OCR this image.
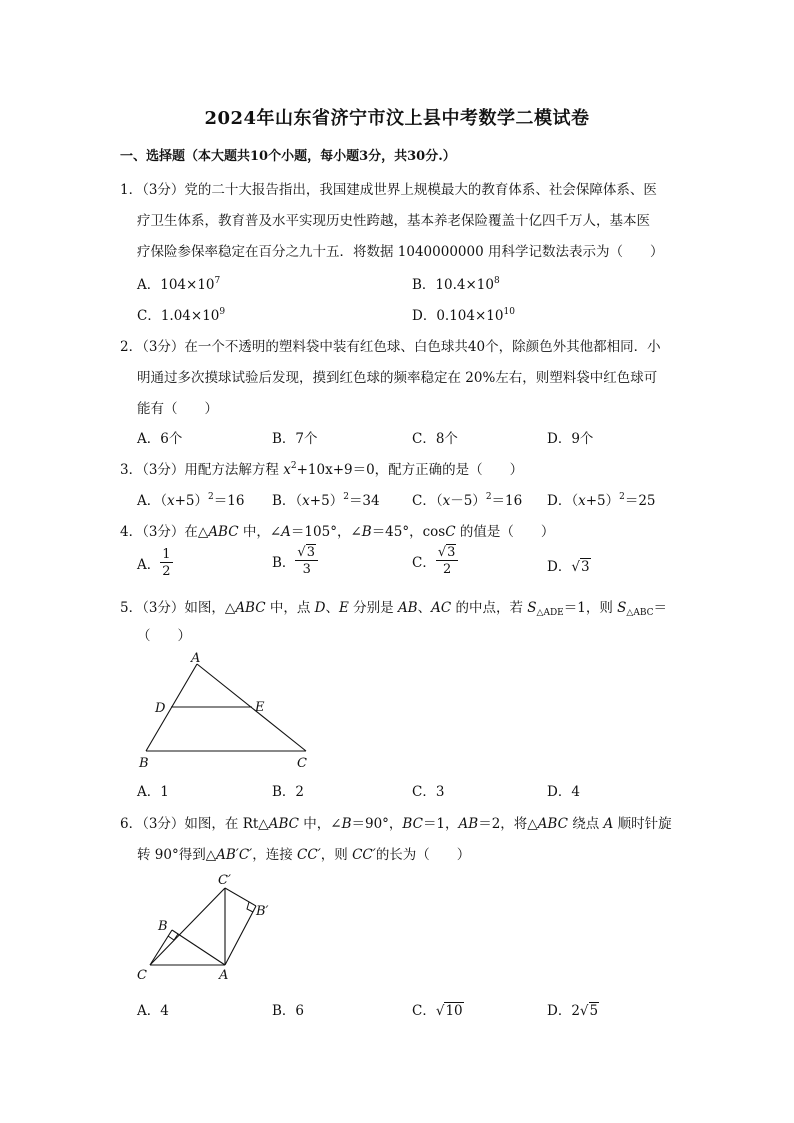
2024年山东省济宁市汶上县中考数学二模试卷
一、选择题（本大题共10个小题，每小题3分，共30分.）
1．（3分）党的二十大报告指出，我国建成世界上规模最大的教育体系、社会保障体系、医
疗卫生体系，教育普及水平实现历史性跨越，基本养老保险覆盖十亿四千万人，基本医
疗保险参保率稳定在百分之九十五．将数据 1040000000 用科学记数法表示为（　　）
A．$104\times 10^7$	B．$10.4\times 10^8$
C．$1.04\times 10^9$	D．$0.104\times 10^{10}$
2．（3分）在一个不透明的塑料袋中装有红色球、白色球共40个，除颜色外其他都相同．小
明通过多次摸球试验后发现，摸到红色球的频率稳定在 20%左右，则塑料袋中红色球可
能有（　　）
A．6个	B．7个	C．8个	D．9个
3．（3分）用配方法解方程 $x^2+10x+9=0$，配方正确的是（　　）
A．$(x+5)^2=16$ B．$(x+5)^2=34$ C．$(x-5)^2=16$ D．$(x+5)^2=25$
4．（3分）在△ABC 中，∠A＝105°，∠B＝45°，cosC 的值是（　　）
A． $\frac{1}{2}$	B． $\frac{√3}{3}$	C． $\frac{√3}{2}$	D．√3
5．（3分）如图，△ABC 中，点 D、E 分别是 AB、AC 的中点，若 $S_{\triangle ADE}=1$，则 $S_{\triangle ABC}=$
（　　）
A
D	E
B	C
A．1	B．2	C．3	D．4
6．（3分）如图，在 Rt△ABC 中，∠B＝90°，BC＝1，AB＝2，将△ABC 绕点 A 顺时针旋
转 90°得到△AB′C′，连接 CC′，则 CC′的长为（　　）
C′
B′
B
C	A
A．4	B．6	C．√10	D．2√5
